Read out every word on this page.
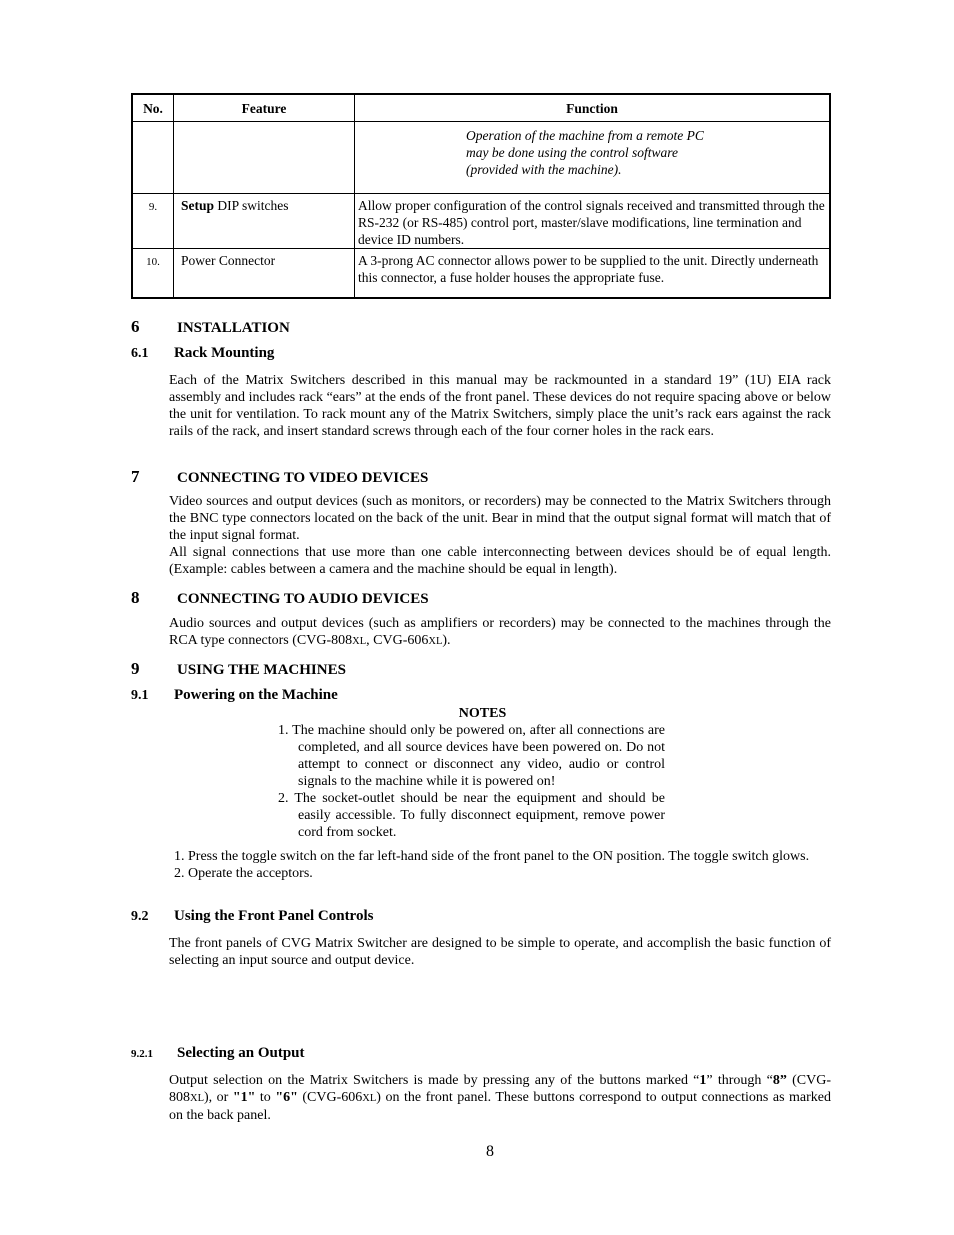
No.	Feature	Function

		Operation of the machine from a remote PC
may be done using the control software
(provided with the machine).

9.	Setup DIP switches	Allow proper configuration of the control signals received and transmitted through the RS-232 (or RS-485) control port, master/slave modifications, line termination and device ID numbers.
10.	Power Connector	A 3-prong AC connector allows power to be supplied to the unit. Directly underneath this connector, a fuse holder houses the appropriate fuse.
6	INSTALLATION
6.1 Rack Mounting
Each of the Matrix Switchers described in this manual may be rackmounted in a standard 19” (1U) EIA rack assembly and includes rack “ears” at the ends of the front panel. These devices do not require spacing above or below the unit for ventilation. To rack mount any of the Matrix Switchers, simply place the unit’s rack ears against the rack rails of the rack, and insert standard screws through each of the four corner holes in the rack ears.
7	CONNECTING TO VIDEO DEVICES
Video sources and output devices (such as monitors, or recorders) may be connected to the Matrix Switchers through the BNC type connectors located on the back of the unit. Bear in mind that the output signal format will match that of the input signal format.
All signal connections that use more than one cable interconnecting between devices should be of equal length. (Example: cables between a camera and the machine should be equal in length).
8	CONNECTING TO AUDIO DEVICES
Audio sources and output devices (such as amplifiers or recorders) may be connected to the machines through the RCA type connectors (CVG-808XL, CVG-606XL).
9	USING THE MACHINES
9.1 Powering on the Machine
NOTES
1. The machine should only be powered on, after all connections are completed, and all source devices have been powered on. Do not attempt to connect or disconnect any video, audio or control signals to the machine while it is powered on!
2. The socket-outlet should be near the equipment and should be easily accessible. To fully disconnect equipment, remove power cord from socket.
1. Press the toggle switch on the far left-hand side of the front panel to the ON position. The toggle switch glows.
2. Operate the acceptors.
9.2 Using the Front Panel Controls
The front panels of CVG Matrix Switcher are designed to be simple to operate, and accomplish the basic function of selecting an input source and output device.
9.2.1 Selecting an Output
Output selection on the Matrix Switchers is made by pressing any of the buttons marked “1” through “8” (CVG-808XL), or "1" to "6" (CVG-606XL) on the front panel. These buttons correspond to output connections as marked on the back panel.
8
